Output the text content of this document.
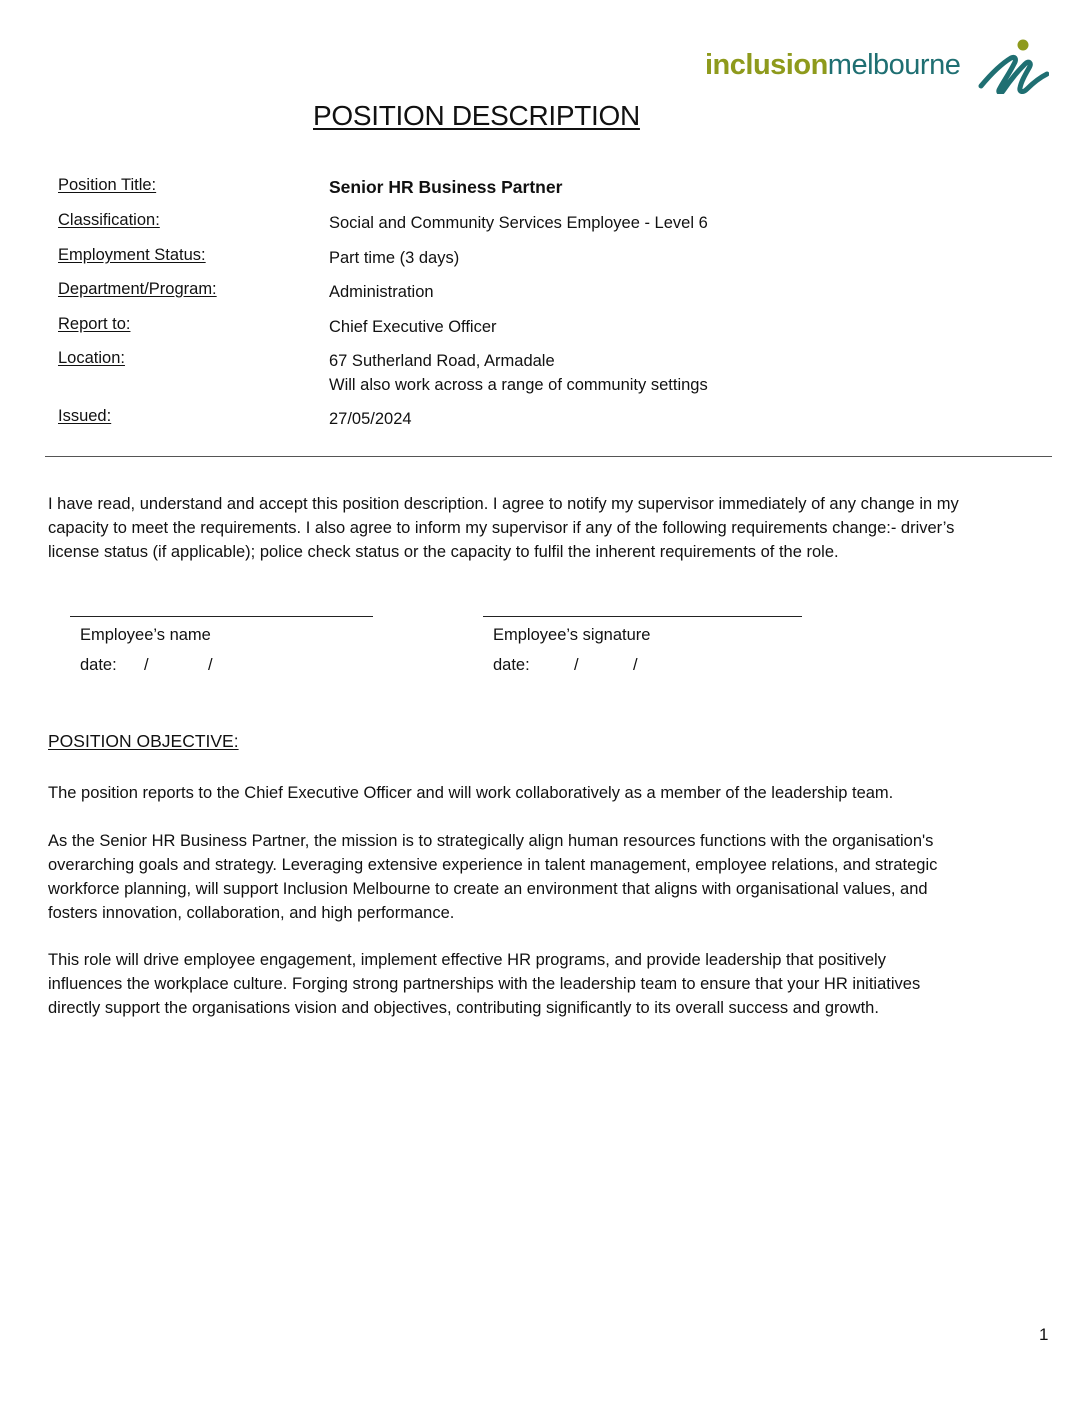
inclusionmelbourne
POSITION DESCRIPTION
Position Title:	Senior HR Business Partner
Classification:	Social and Community Services Employee - Level 6
Employment Status:	Part time (3 days)
Department/Program:	Administration
Report to:	Chief Executive Officer
Location:	67 Sutherland Road, Armadale
Will also work across a range of community settings
Issued:	27/05/2024
I have read, understand and accept this position description. I agree to notify my supervisor immediately of any change in my
capacity to meet the requirements. I also agree to inform my supervisor if any of the following requirements change:- driver’s
license status (if applicable); police check status or the capacity to fulfil the inherent requirements of the role.
Employee’s name	Employee’s signature
date: /	/	date:	/	/
POSITION OBJECTIVE:
The position reports to the Chief Executive Officer and will work collaboratively as a member of the leadership team.
As the Senior HR Business Partner, the mission is to strategically align human resources functions with the organisation's
overarching goals and strategy. Leveraging extensive experience in talent management, employee relations, and strategic
workforce planning, will support Inclusion Melbourne to create an environment that aligns with organisational values, and
fosters innovation, collaboration, and high performance.
This role will drive employee engagement, implement effective HR programs, and provide leadership that positively
influences the workplace culture. Forging strong partnerships with the leadership team to ensure that your HR initiatives
directly support the organisations vision and objectives, contributing significantly to its overall success and growth.
1
